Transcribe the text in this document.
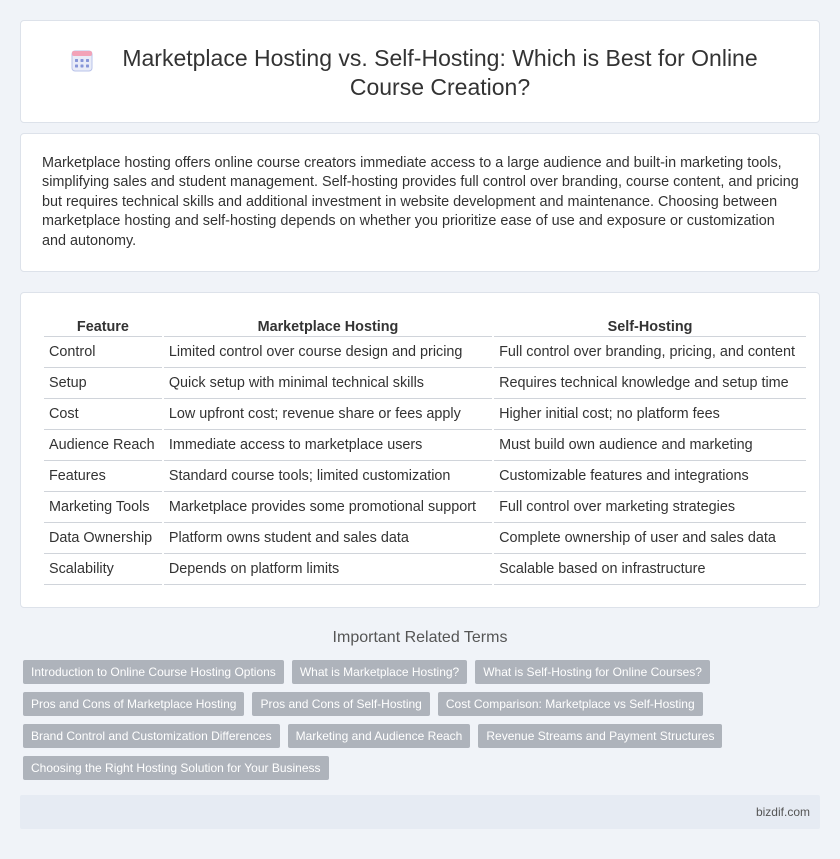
Marketplace Hosting vs. Self-Hosting: Which is Best for Online Course Creation?

Marketplace hosting offers online course creators immediate access to a large audience and built-in marketing tools, simplifying sales and student management. Self-hosting provides full control over branding, course content, and pricing but requires technical skills and additional investment in website development and maintenance. Choosing between marketplace hosting and self-hosting depends on whether you prioritize ease of use and exposure or customization and autonomy.

Feature	Marketplace Hosting	Self-Hosting
Control	Limited control over course design and pricing	Full control over branding, pricing, and content
Setup	Quick setup with minimal technical skills	Requires technical knowledge and setup time
Cost	Low upfront cost; revenue share or fees apply	Higher initial cost; no platform fees
Audience Reach	Immediate access to marketplace users	Must build own audience and marketing
Features	Standard course tools; limited customization	Customizable features and integrations
Marketing Tools	Marketplace provides some promotional support	Full control over marketing strategies
Data Ownership	Platform owns student and sales data	Complete ownership of user and sales data
Scalability	Depends on platform limits	Scalable based on infrastructure
Important Related Terms
Introduction to Online Course Hosting Options	What is Marketplace Hosting?	What is Self-Hosting for Online Courses?
Pros and Cons of Marketplace Hosting	Pros and Cons of Self-Hosting	Cost Comparison: Marketplace vs Self-Hosting
Brand Control and Customization Differences	Marketing and Audience Reach	Revenue Streams and Payment Structures
Choosing the Right Hosting Solution for Your Business
bizdif.com
